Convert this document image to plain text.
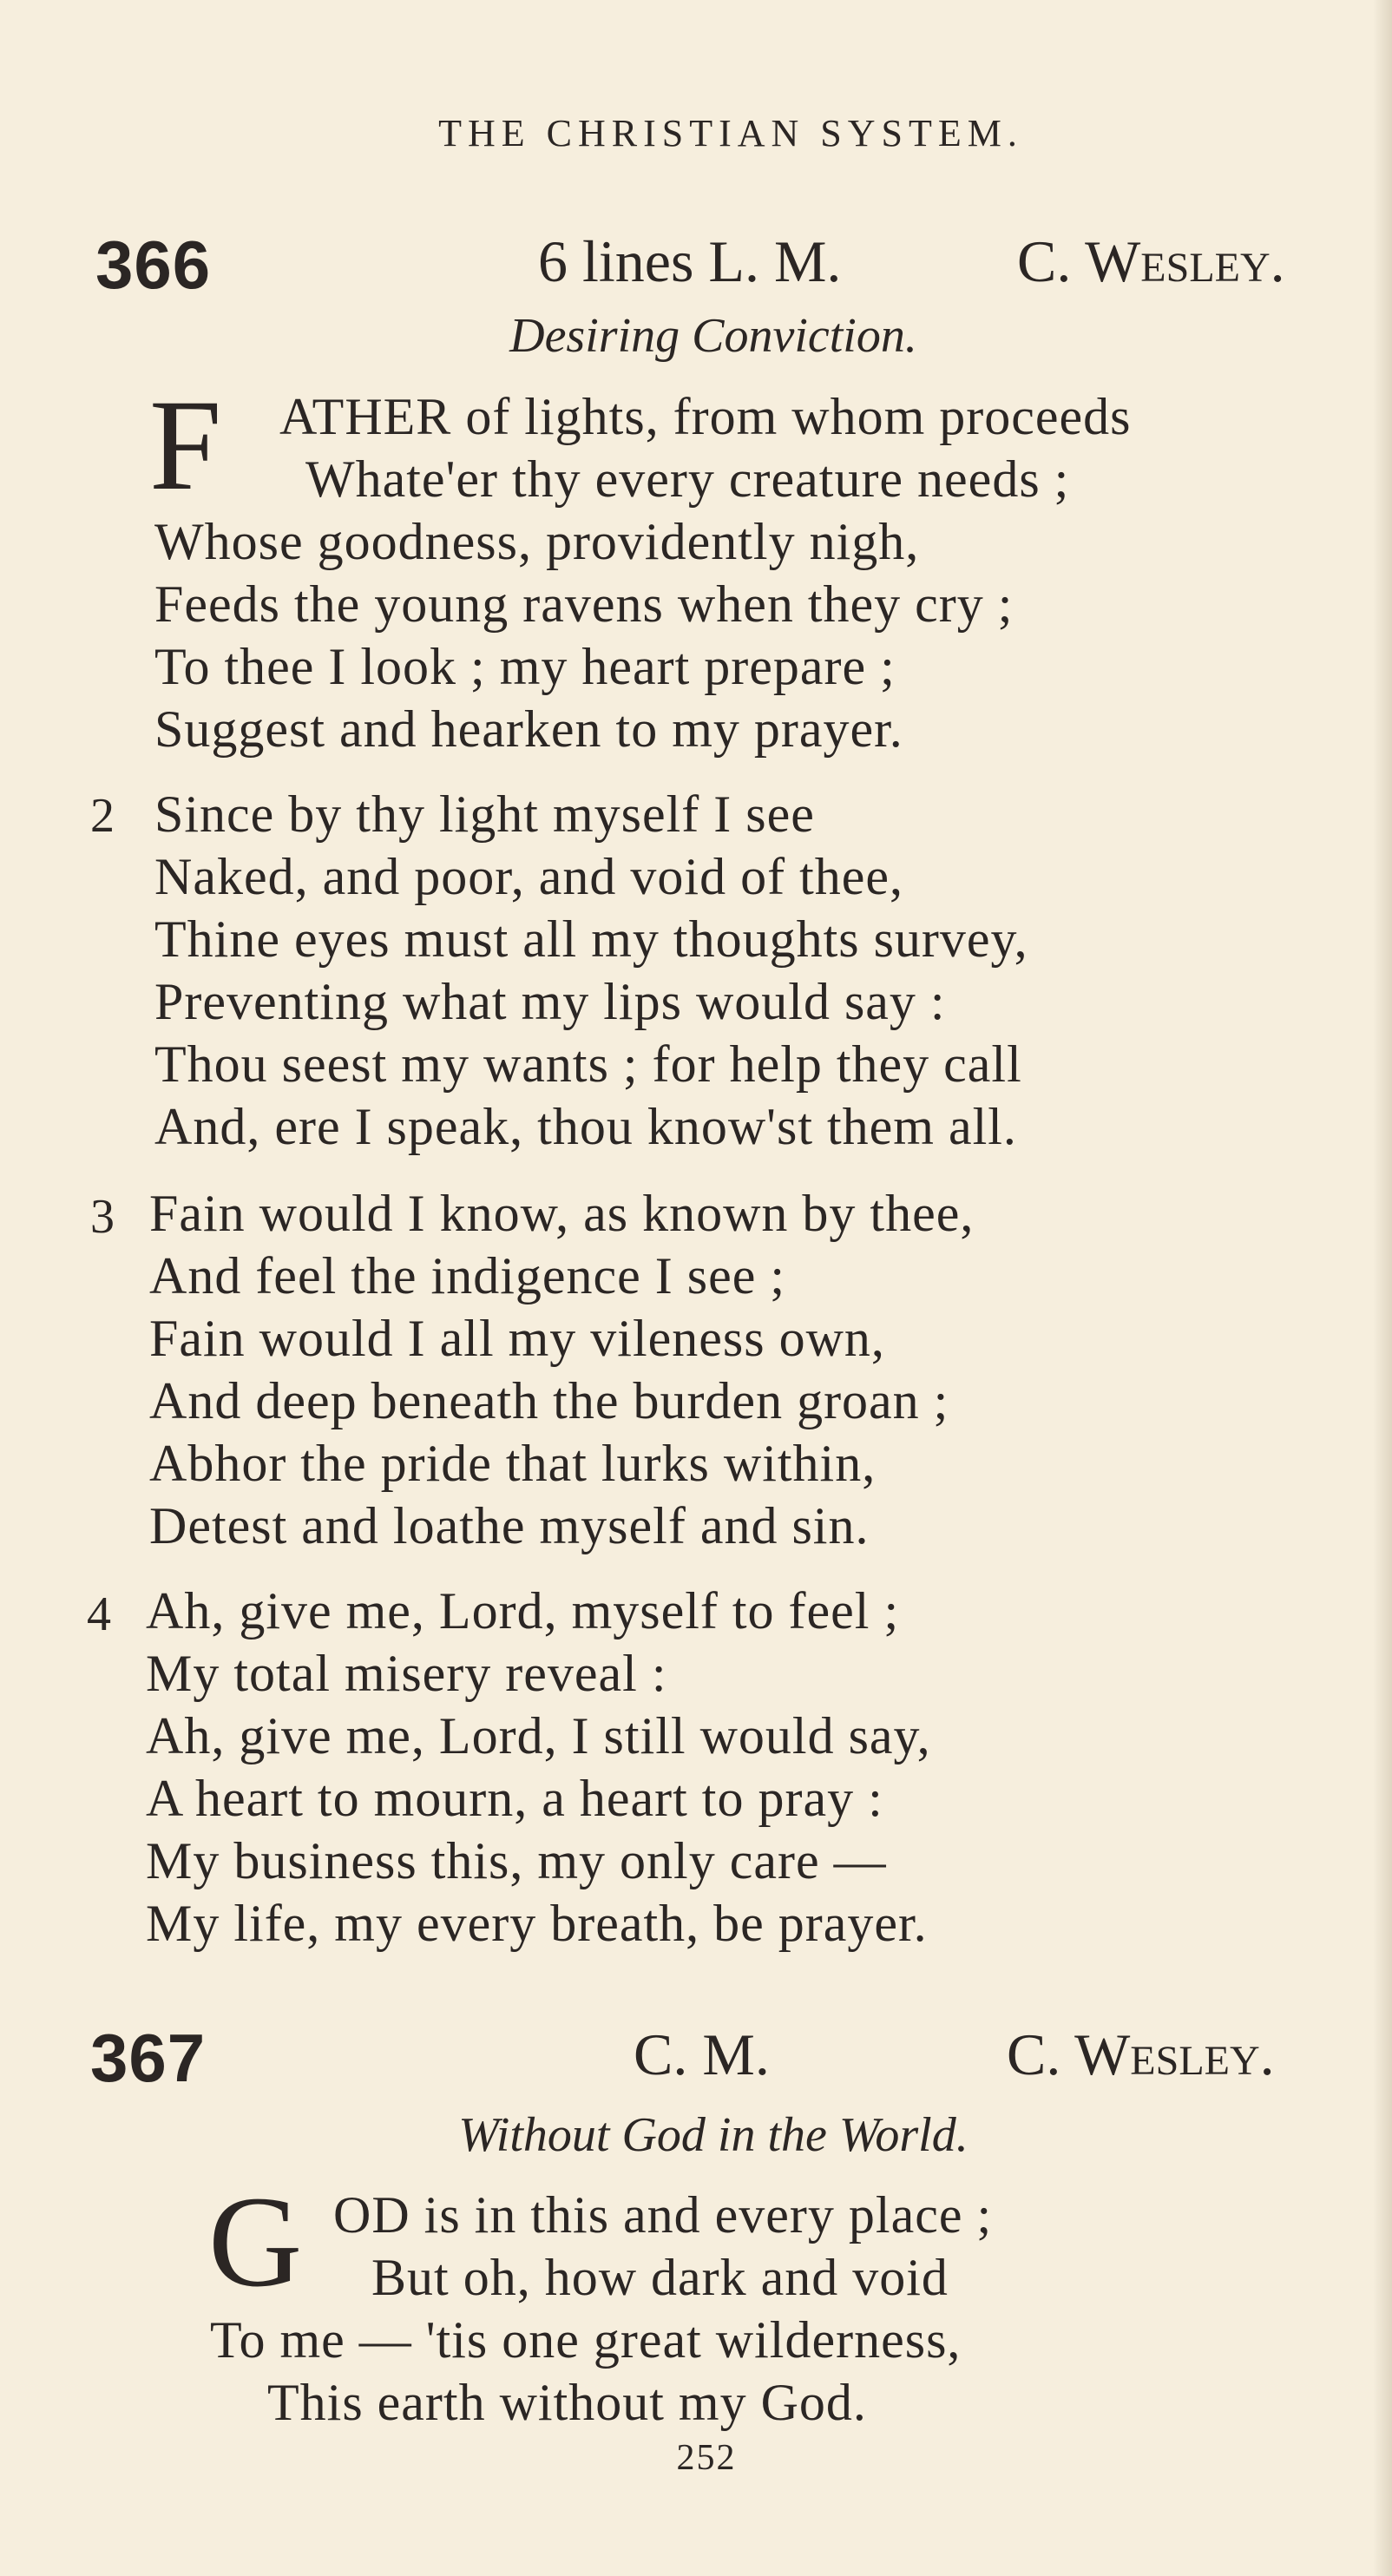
THE CHRISTIAN SYSTEM.
366	6 lines L. M.	C. Wesley.
Desiring Conviction.
F ATHER of lights, from whom proceeds
Whate'er thy every creature needs ;
Whose goodness, providently nigh,
Feeds the young ravens when they cry ;
To thee I look ; my heart prepare ;
Suggest and hearken to my prayer.
2 Since by thy light myself I see
Naked, and poor, and void of thee,
Thine eyes must all my thoughts survey,
Preventing what my lips would say :
Thou seest my wants ; for help they call
And, ere I speak, thou know'st them all.
3 Fain would I know, as known by thee,
And feel the indigence I see ;
Fain would I all my vileness own,
And deep beneath the burden groan ;
Abhor the pride that lurks within,
Detest and loathe myself and sin.
4 Ah, give me, Lord, myself to feel ;
My total misery reveal :
Ah, give me, Lord, I still would say,
A heart to mourn, a heart to pray :
My business this, my only care —
My life, my every breath, be prayer.
367	C. M.	C. Wesley.
Without God in the World.
G OD is in this and every place ;
But oh, how dark and void
To me — 'tis one great wilderness,
This earth without my God.
252
